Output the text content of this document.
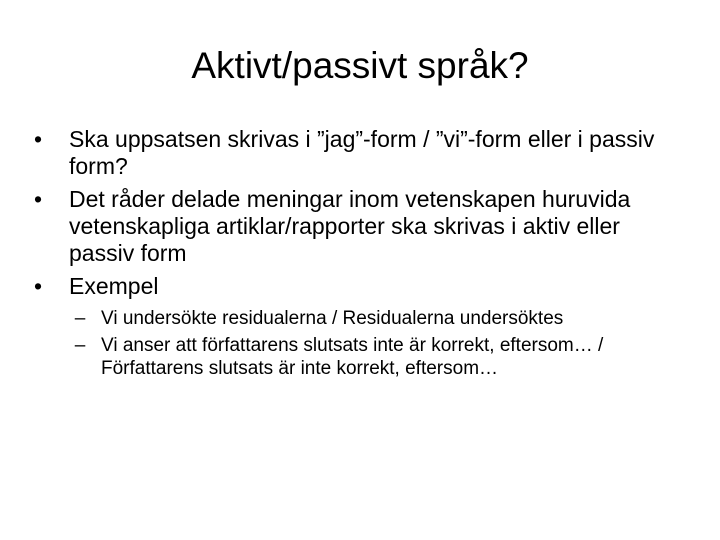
Aktivt/passivt språk?
• Ska uppsatsen skrivas i ”jag”-form / ”vi”-form eller i passiv form?
• Det råder delade meningar inom vetenskapen huruvida vetenskapliga artiklar/rapporter ska skrivas i aktiv eller passiv form
• Exempel
– Vi undersökte residualerna / Residualerna undersöktes
– Vi anser att författarens slutsats inte är korrekt, eftersom… / Författarens slutsats är inte korrekt, eftersom…
